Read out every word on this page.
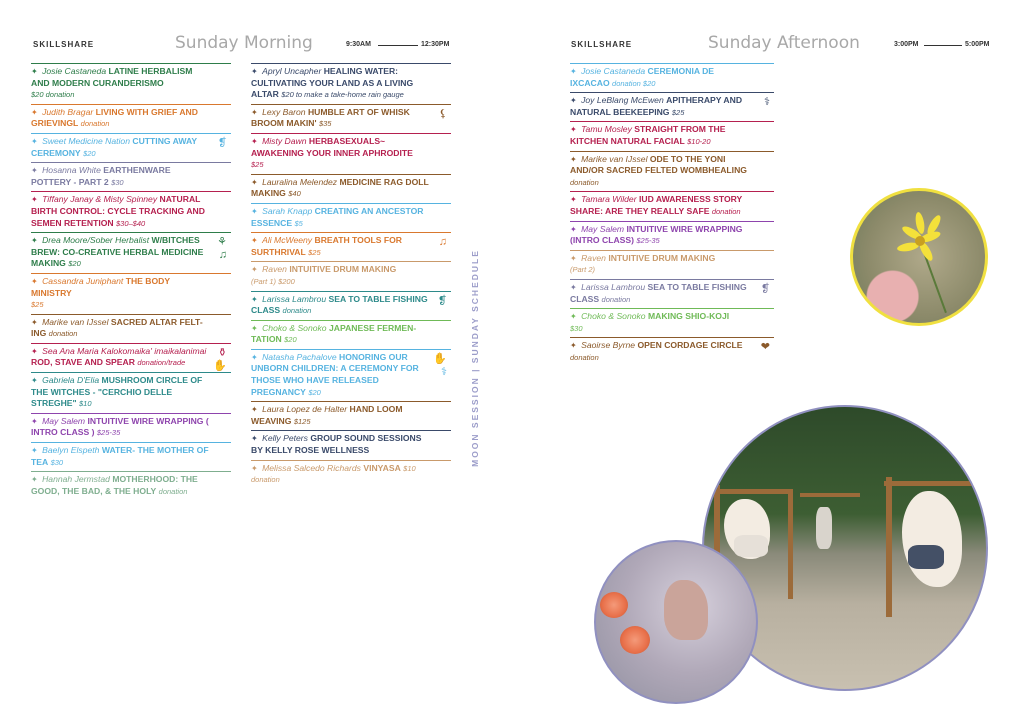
SKILLSHARE	Sunday Morning	9:30AM	12:30PM
✦ Josie Castaneda LATINE HERBALISM AND MODERN CURANDERISMO
$20 donation
✦ Judith Bragar LIVING WITH GRIEF AND GRIEVINGL donation
✦ Sweet Medicine Nation CUTTING AWAY CEREMONY $20
❡
✦ Hosanna White EARTHENWARE POTTERY - PART 2 $30
✦ Tiffany Janay & Misty Spinney NATURAL BIRTH CONTROL: CYCLE TRACKING AND SEMEN RETENTION $30–$40
✦ Drea Moore/Sober Herbalist W/BITCHES BREW: CO-CREATIVE HERBAL MEDICINE MAKING $20
⚘
♫
✦ Cassandra Juniphant THE BODY MINISTRY
$25
✦ Marike van IJssel SACRED ALTAR FELT-ING donation
✦ Sea Ana Maria Kalokomaika' imaikalanimai ROD, STAVE AND SPEAR donation/trade
⚱
✋
✦ Gabriela D'Elia MUSHROOM CIRCLE OF THE WITCHES - "CERCHIO DELLE STREGHE" $10
✦ May Salem INTUITIVE WIRE WRAPPING ( INTRO CLASS ) $25-35
✦ Baelyn Elspeth WATER- THE MOTHER OF TEA $30
✦ Hannah Jermstad MOTHERHOOD: THE GOOD, THE BAD, & THE HOLY donation
✦ Apryl Uncapher HEALING WATER: CULTIVATING YOUR LAND AS A LIVING ALTAR $20 to make a take-home rain gauge
✦ Lexy Baron HUMBLE ART OF WHISK BROOM MAKIN' $35
⚸
✦ Misty Dawn HERBASEXUALS~ AWAKENING YOUR INNER APHRODITE
$25
✦ Lauralina Melendez MEDICINE RAG DOLL MAKING $40
✦ Sarah Knapp CREATING AN ANCESTOR ESSENCE $5
✦ Ali McWeeny BREATH TOOLS FOR SURTHRIVAL $25
♫
✦ Raven INTUITIVE DRUM MAKING
(Part 1) $200
✦ Larissa Lambrou SEA TO TABLE FISHING CLASS donation
❡
✦ Choko & Sonoko JAPANESE FERMEN-TATION $20
✦ Natasha Pachalove HONORING OUR UNBORN CHILDREN: A CEREMONY FOR THOSE WHO HAVE RELEASED PREGNANCY $20
✋
⚕
✦ Laura Lopez de Halter HAND LOOM WEAVING $125
✦ Kelly Peters GROUP SOUND SESSIONS BY KELLY ROSE WELLNESS
✦ Melissa Salcedo Richards VINYASA $10 donation
MOON SESSION | SUNDAY SCHEDULE
SKILLSHARE	Sunday Afternoon	3:00PM	5:00PM
✦ Josie Castaneda CEREMONIA DE IXCACAO donation $20
✦ Joy LeBlang McEwen APITHERAPY AND NATURAL BEEKEEPING $25
⚕
✦ Tamu Mosley STRAIGHT FROM THE KITCHEN NATURAL FACIAL $10-20
✦ Marike van IJssel ODE TO THE YONI AND/OR SACRED FELTED WOMBHEALING
donation
✦ Tamara Wilder IUD AWARENESS STORY SHARE: ARE THEY REALLY SAFE donation
✦ May Salem INTUITIVE WIRE WRAPPING (INTRO CLASS) $25-35
✦ Raven INTUITIVE DRUM MAKING
(Part 2)
✦ Larissa Lambrou SEA TO TABLE FISHING CLASS donation
❡
✦ Choko & Sonoko MAKING SHIO-KOJI
$30
✦ Saoirse Byrne OPEN CORDAGE CIRCLE donation
❤
